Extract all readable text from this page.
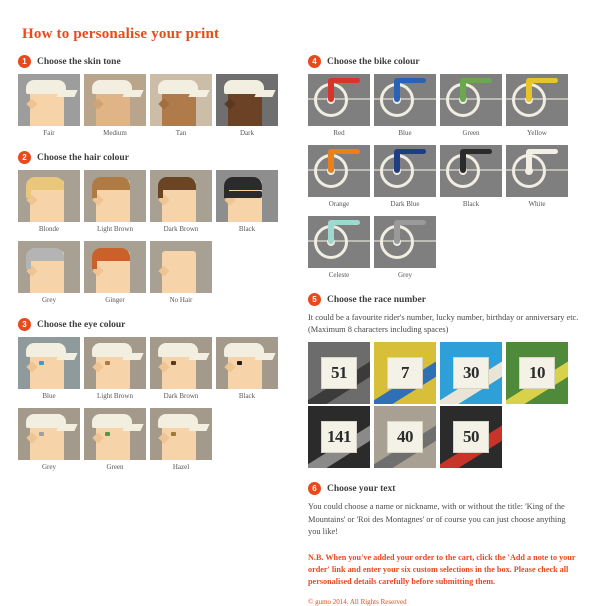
How to personalise your print
1	Choose the skin tone
Fair	Medium	Tan	Dark
2	Choose the hair colour
Blonde	Light Brown	Dark Brown	Black
Grey	Ginger	No Hair
3	Choose the eye colour
Blue	Light Brown	Dark Brown	Black
Grey	Green	Hazel
4	Choose the bike colour
Red	Blue	Green	Yellow
Orange	Dark Blue	Black	White
Celeste	Grey
5	Choose the race number
It could be a favourite rider's number, lucky number, birthday or anniversary etc. (Maximum 8 characters including spaces)
51	7	30	10
141	40	50
6	Choose your text
You could choose a name or nickname, with or without the title: 'King of the Mountains' or 'Roi des Montagnes' or of course you can just choose anything you like!
N.B. When you've added your order to the cart, click the 'Add a note to your order' link and enter your six custom selections in the box. Please check all personalised details carefully before submitting them.
© gumo 2014. All Rights Reserved
